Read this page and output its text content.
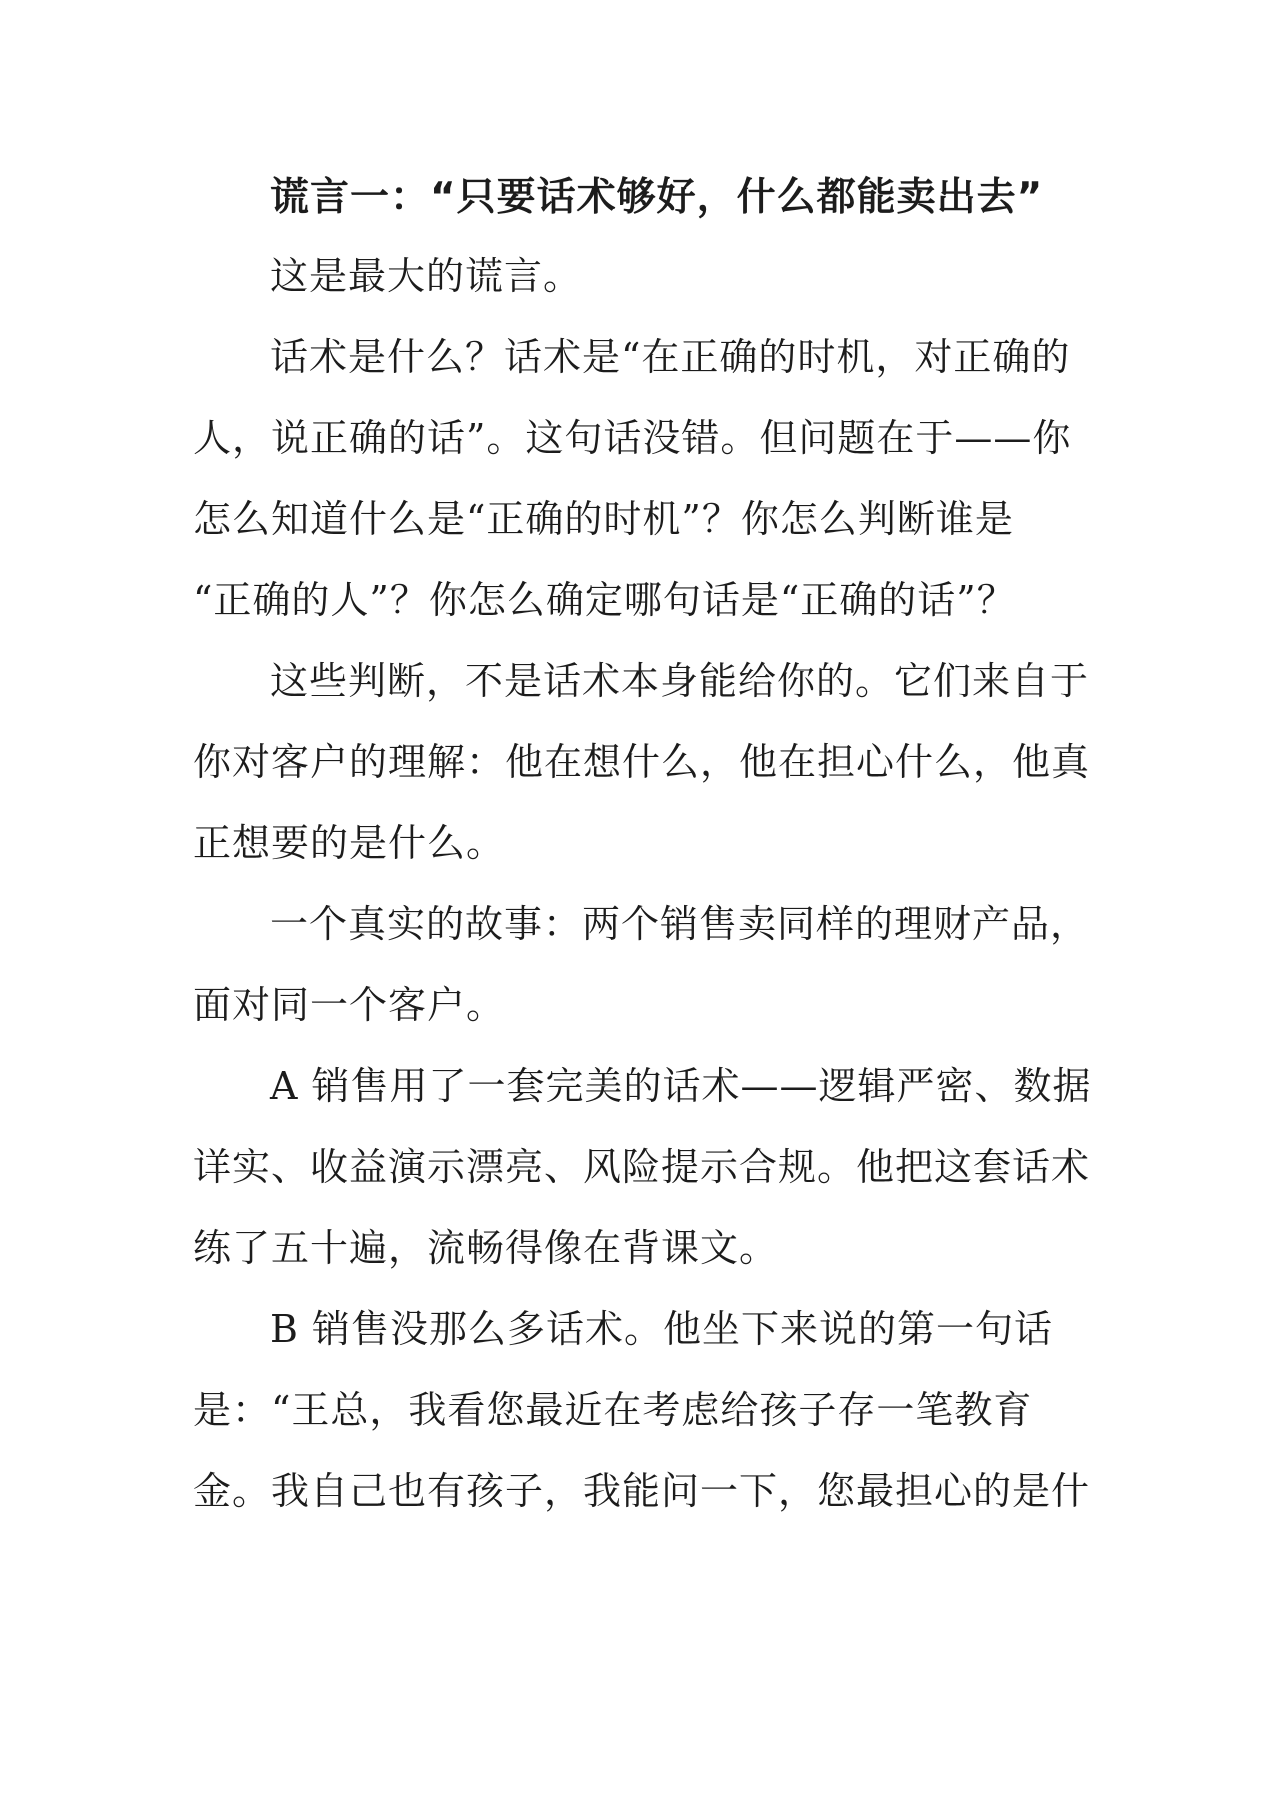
谎言一：“只要话术够好，什么都能卖出去”

这是最大的谎言。

话术是什么？话术是“在正确的时机，对正确的
人，说正确的话”。这句话没错。但问题在于——你
怎么知道什么是“正确的时机”？你怎么判断谁是
“正确的人”？你怎么确定哪句话是“正确的话”？

这些判断，不是话术本身能给你的。它们来自于
你对客户的理解：他在想什么，他在担心什么，他真
正想要的是什么。

一个真实的故事：两个销售卖同样的理财产品，
面对同一个客户。

A 销售用了一套完美的话术——逻辑严密、数据
详实、收益演示漂亮、风险提示合规。他把这套话术
练了五十遍，流畅得像在背课文。

B 销售没那么多话术。他坐下来说的第一句话
是：“王总，我看您最近在考虑给孩子存一笔教育
金。我自己也有孩子，我能问一下，您最担心的是什
